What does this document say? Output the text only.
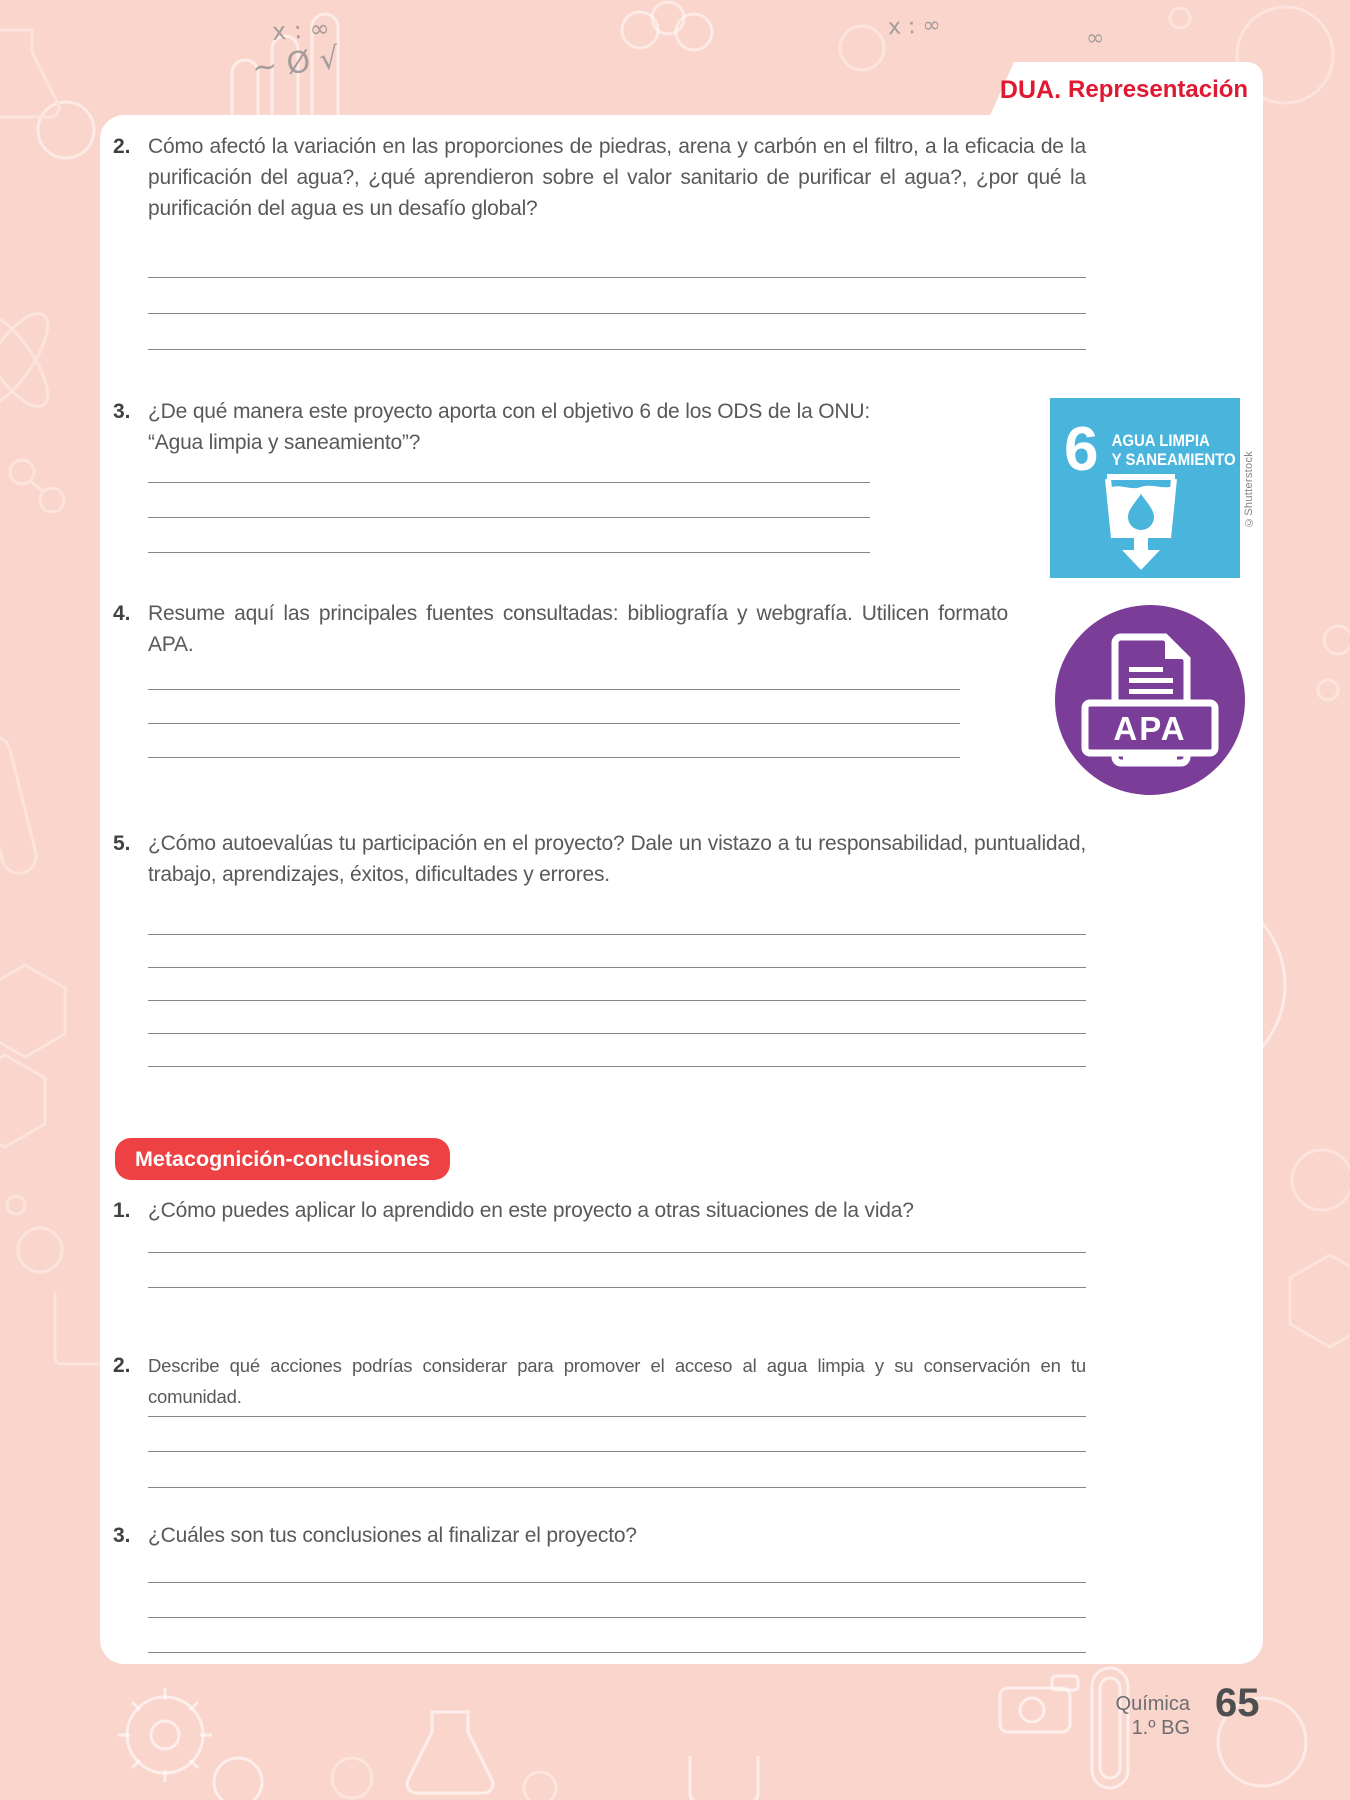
x : ∞
~ Ø √
x : ∞	∞
DUA. Representación
2. Cómo afectó la variación en las proporciones de piedras, arena y carbón en el filtro, a la eficacia de la purificación del agua?, ¿qué aprendieron sobre el valor sanitario de purificar el agua?, ¿por qué la purificación del agua es un desafío global?
3. ¿De qué manera este proyecto aporta con el objetivo 6 de los ODS de la ONU: “Agua limpia y saneamiento”?	6 AGUA LIMPIA
Y SANEAMIENTO ©Shutterstock
4. Resume aquí las principales fuentes consultadas: bibliografía y webgrafía. Utilicen formato APA.
APA
5. ¿Cómo autoevalúas tu participación en el proyecto? Dale un vistazo a tu responsabilidad, puntualidad, trabajo, aprendizajes, éxitos, dificultades y errores.
Metacognición-conclusiones
1. ¿Cómo puedes aplicar lo aprendido en este proyecto a otras situaciones de la vida?
2. Describe qué acciones podrías considerar para promover el acceso al agua limpia y su conservación en tu comunidad.
3. ¿Cuáles son tus conclusiones al finalizar el proyecto?
Química
1.º BG
65
